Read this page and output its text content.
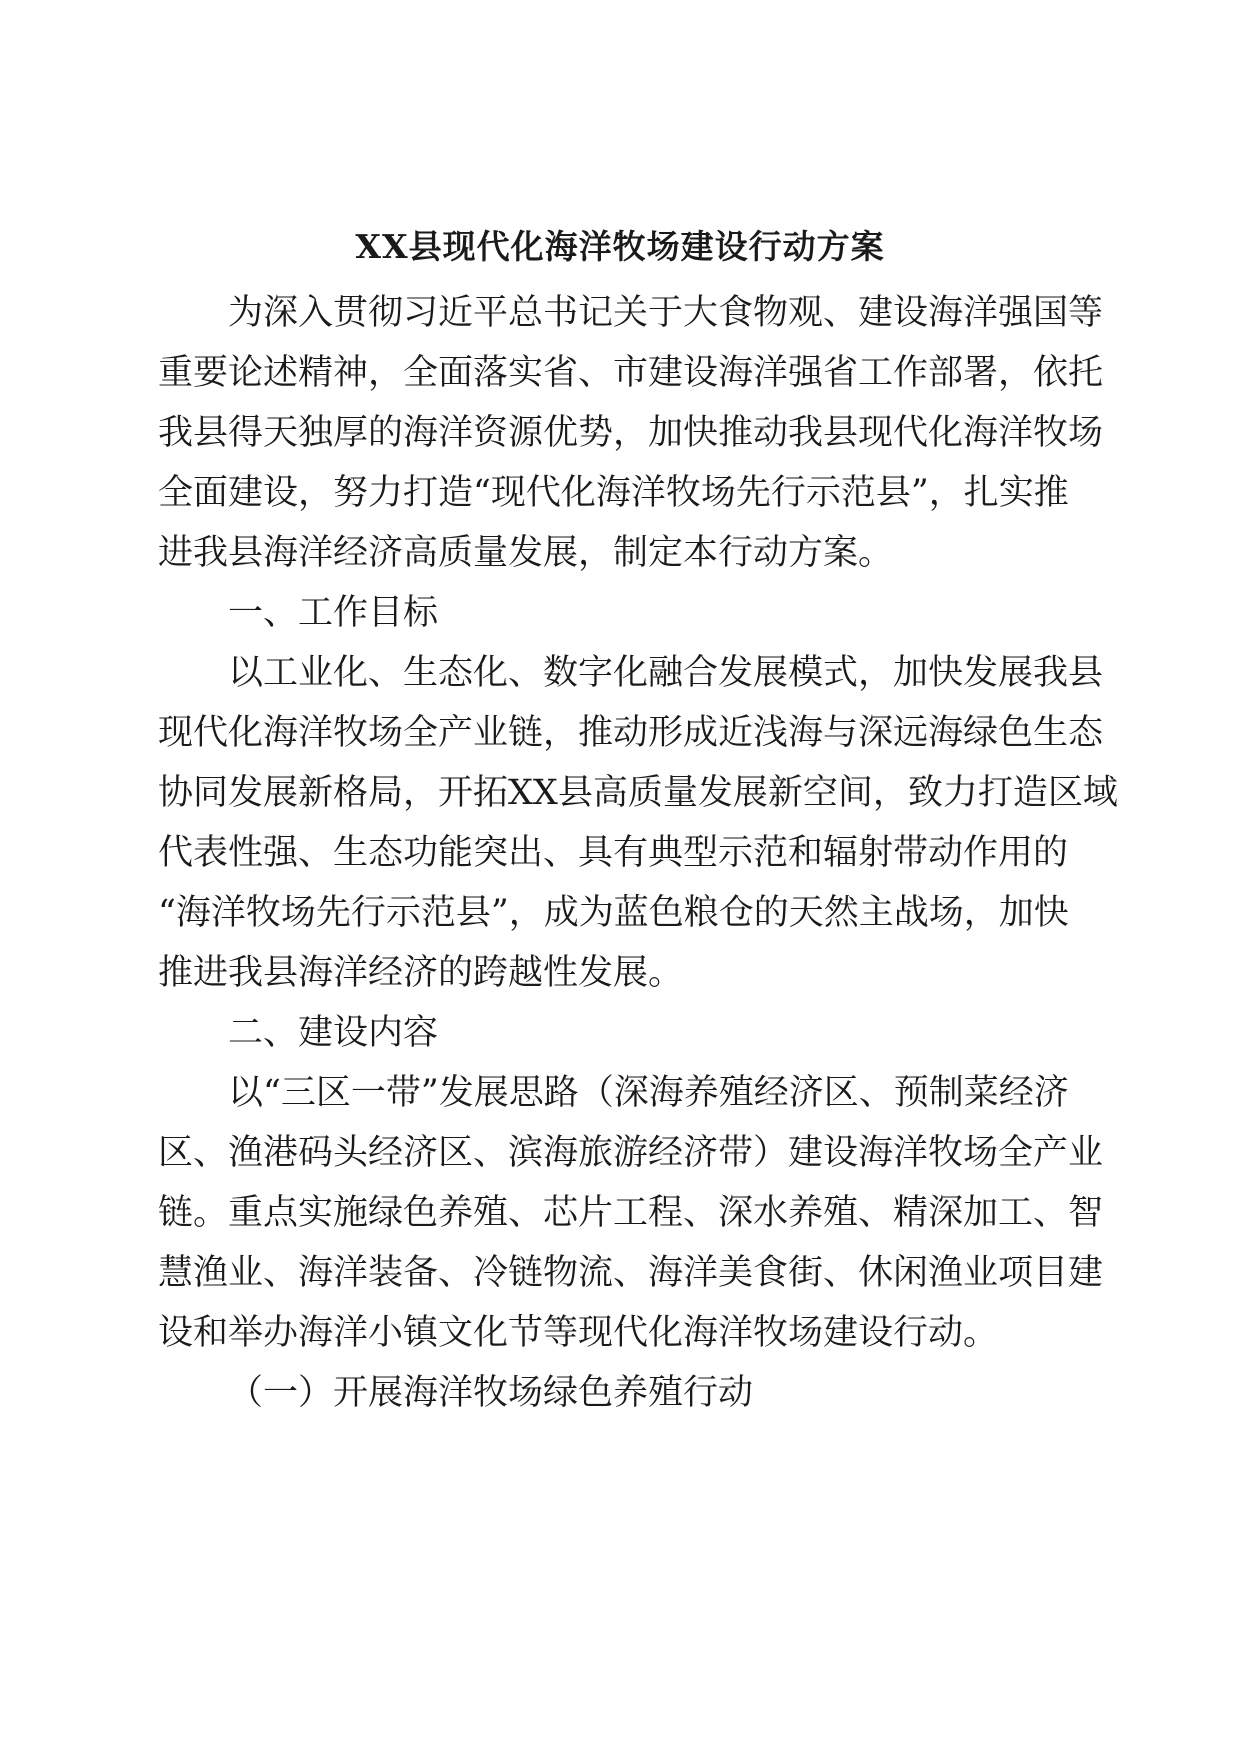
XX县现代化海洋牧场建设行动方案
为深入贯彻习近平总书记关于大食物观、建设海洋强国等
重要论述精神，全面落实省、市建设海洋强省工作部署，依托
我县得天独厚的海洋资源优势，加快推动我县现代化海洋牧场
全面建设，努力打造“现代化海洋牧场先行示范县”，扎实推
进我县海洋经济高质量发展，制定本行动方案。
一、工作目标
以工业化、生态化、数字化融合发展模式，加快发展我县
现代化海洋牧场全产业链，推动形成近浅海与深远海绿色生态
协同发展新格局，开拓XX县高质量发展新空间，致力打造区域
代表性强、生态功能突出、具有典型示范和辐射带动作用的
“海洋牧场先行示范县”，成为蓝色粮仓的天然主战场，加快
推进我县海洋经济的跨越性发展。
二、建设内容
以“三区一带”发展思路（深海养殖经济区、预制菜经济
区、渔港码头经济区、滨海旅游经济带）建设海洋牧场全产业
链。重点实施绿色养殖、芯片工程、深水养殖、精深加工、智
慧渔业、海洋装备、冷链物流、海洋美食街、休闲渔业项目建
设和举办海洋小镇文化节等现代化海洋牧场建设行动。
（一）开展海洋牧场绿色养殖行动
